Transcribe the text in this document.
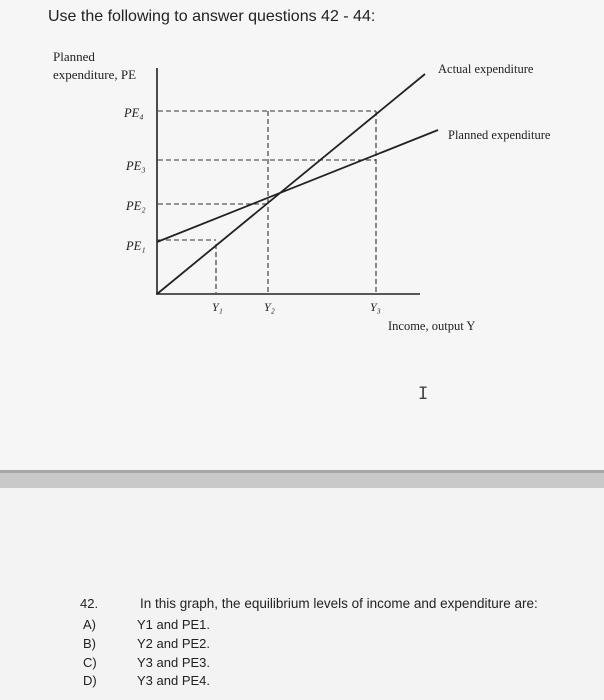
Use the following to answer questions 42 - 44:
Planned
expenditure, PE
Income, output Y
Actual expenditure
Planned expenditure
PE₄
PE₃
PE₂
PE₁
Y₁	Y₂	Y₃
I
42.	In this graph, the equilibrium levels of income and expenditure are:
A)	Y1 and PE1.
B)	Y2 and PE2.
C)	Y3 and PE3.
D)	Y3 and PE4.
